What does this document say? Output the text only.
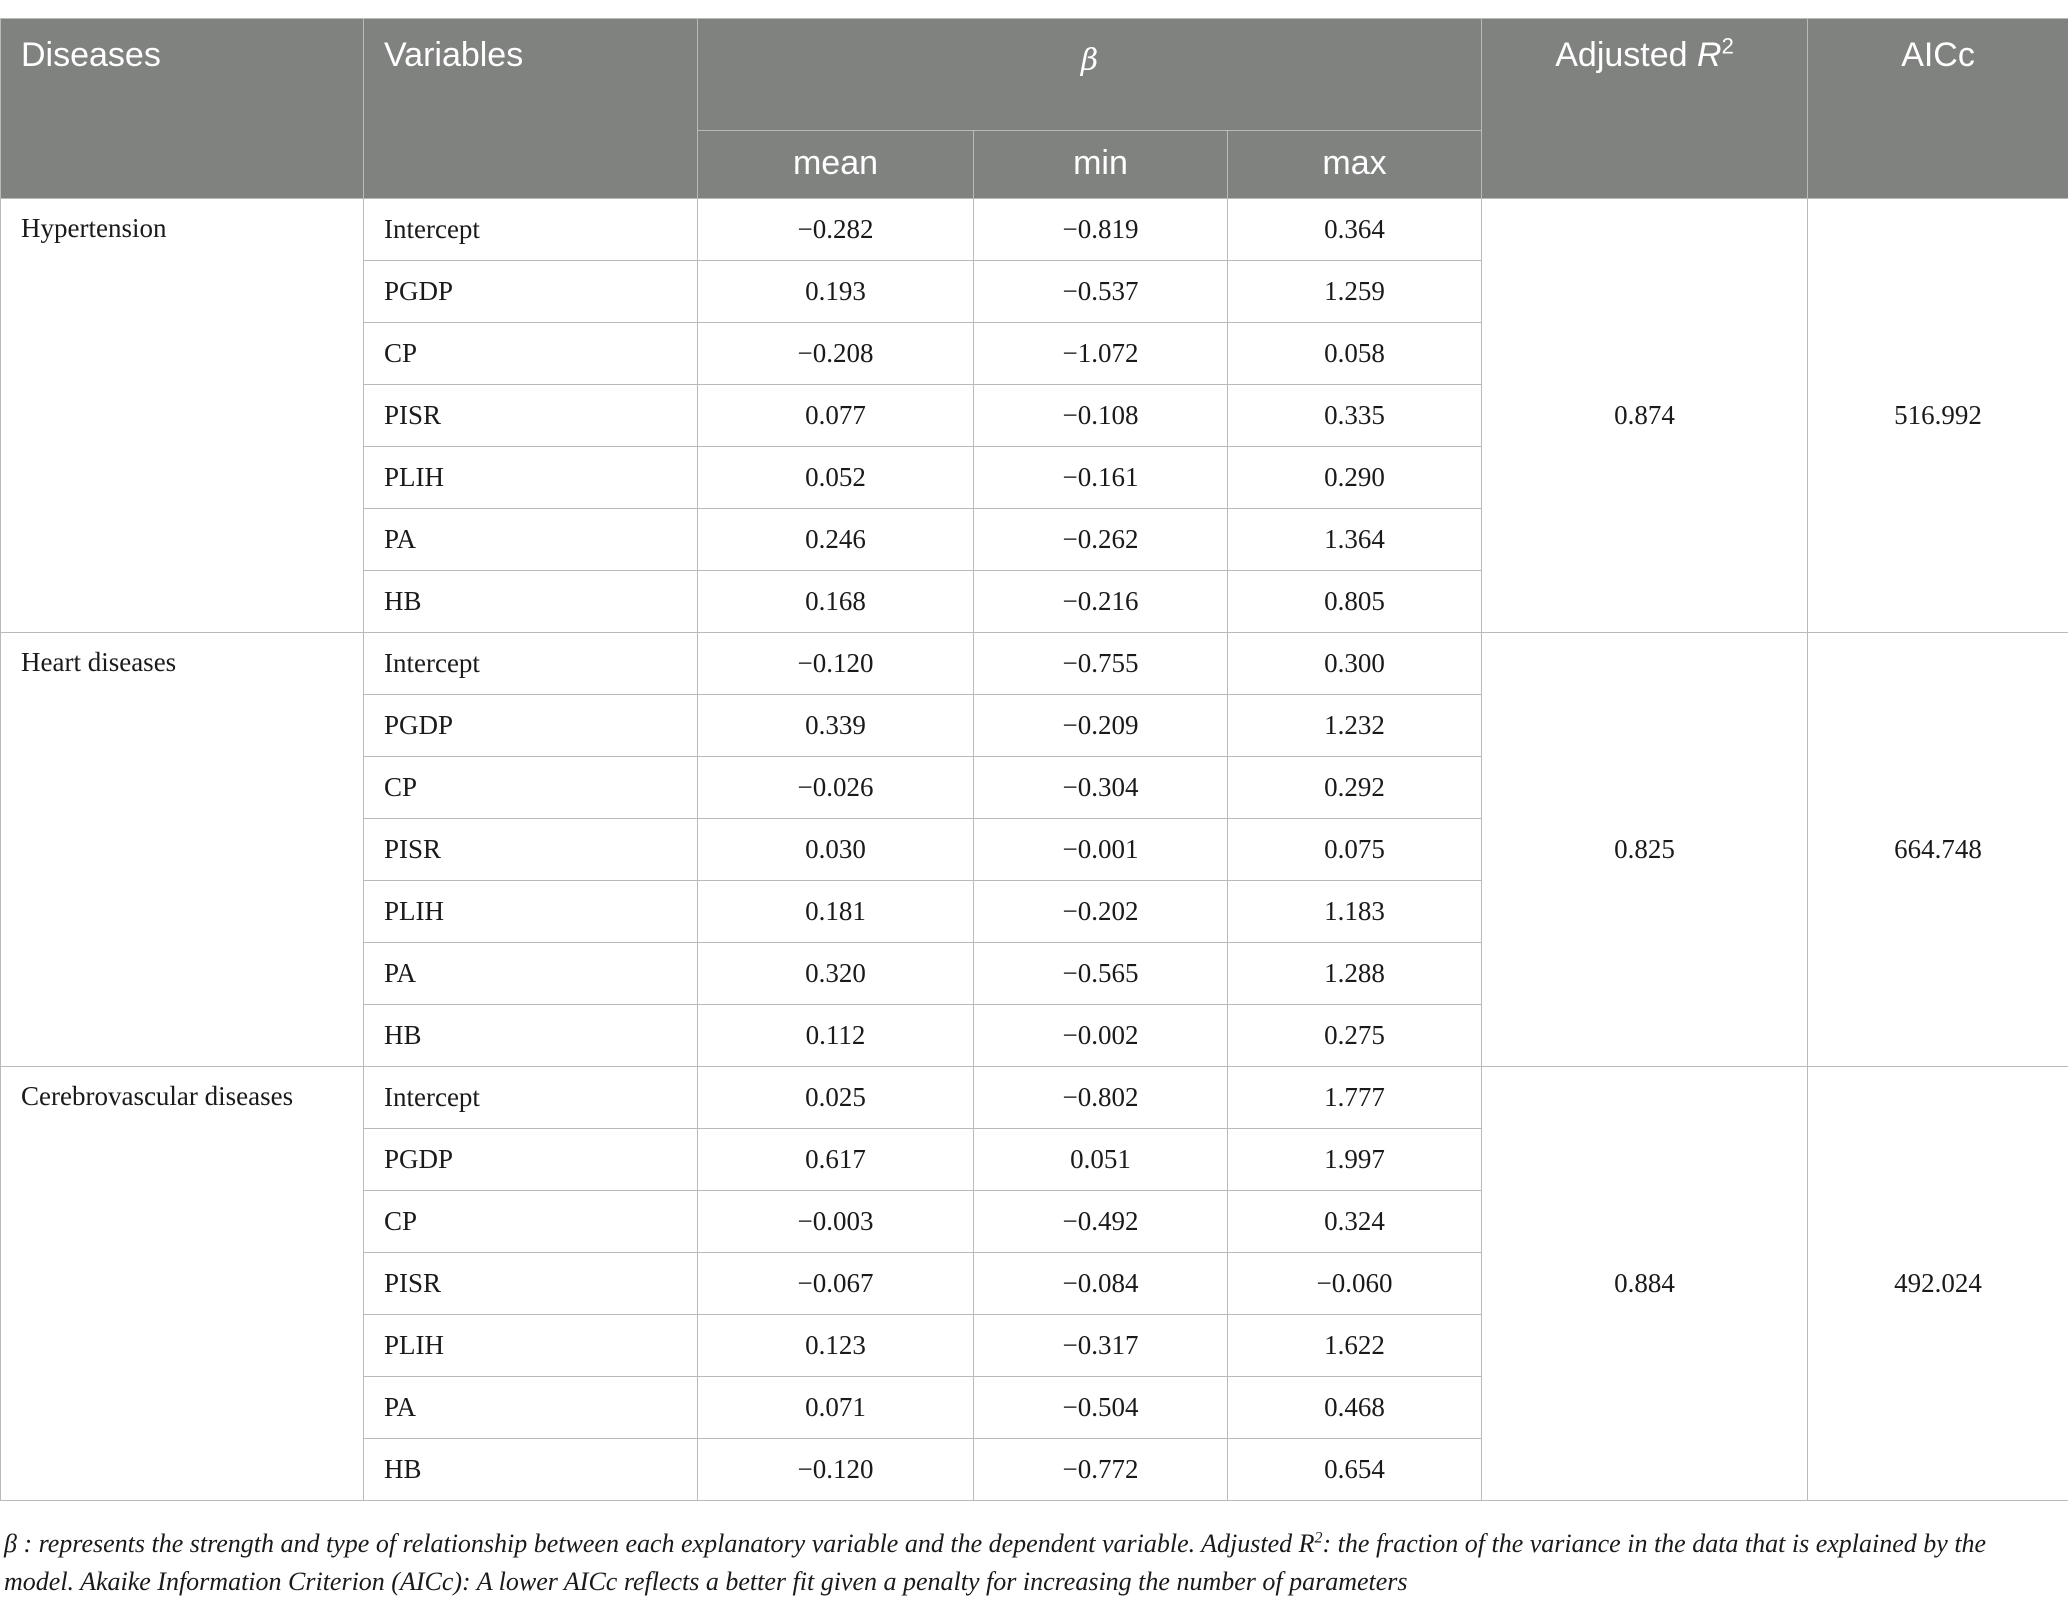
Diseases	Variables	β			Adjusted $R^2$	AICc
		mean	min	max		
Hypertension	Intercept	−0.282	−0.819	0.364	0.874	516.992
	PGDP	0.193	−0.537	1.259		
	CP	−0.208	−1.072	0.058		
	PISR	0.077	−0.108	0.335		
	PLIH	0.052	−0.161	0.290		
	PA	0.246	−0.262	1.364		
	HB	0.168	−0.216	0.805		
Heart diseases	Intercept	−0.120	−0.755	0.300	0.825	664.748
	PGDP	0.339	−0.209	1.232		
	CP	−0.026	−0.304	0.292		
	PISR	0.030	−0.001	0.075		
	PLIH	0.181	−0.202	1.183		
	PA	0.320	−0.565	1.288		
	HB	0.112	−0.002	0.275		
Cerebrovascular diseases	Intercept	0.025	−0.802	1.777	0.884	492.024
	PGDP	0.617	0.051	1.997		
	CP	−0.003	−0.492	0.324		
	PISR	−0.067	−0.084	−0.060		
	PLIH	0.123	−0.317	1.622		
	PA	0.071	−0.504	0.468		
	HB	−0.120	−0.772	0.654		
β : represents the strength and type of relationship between each explanatory variable and the dependent variable. Adjusted $R^2$: the fraction of the variance in the data that is explained by the model. Akaike Information Criterion (AICc): A lower AICc reflects a better fit given a penalty for increasing the number of parameters
